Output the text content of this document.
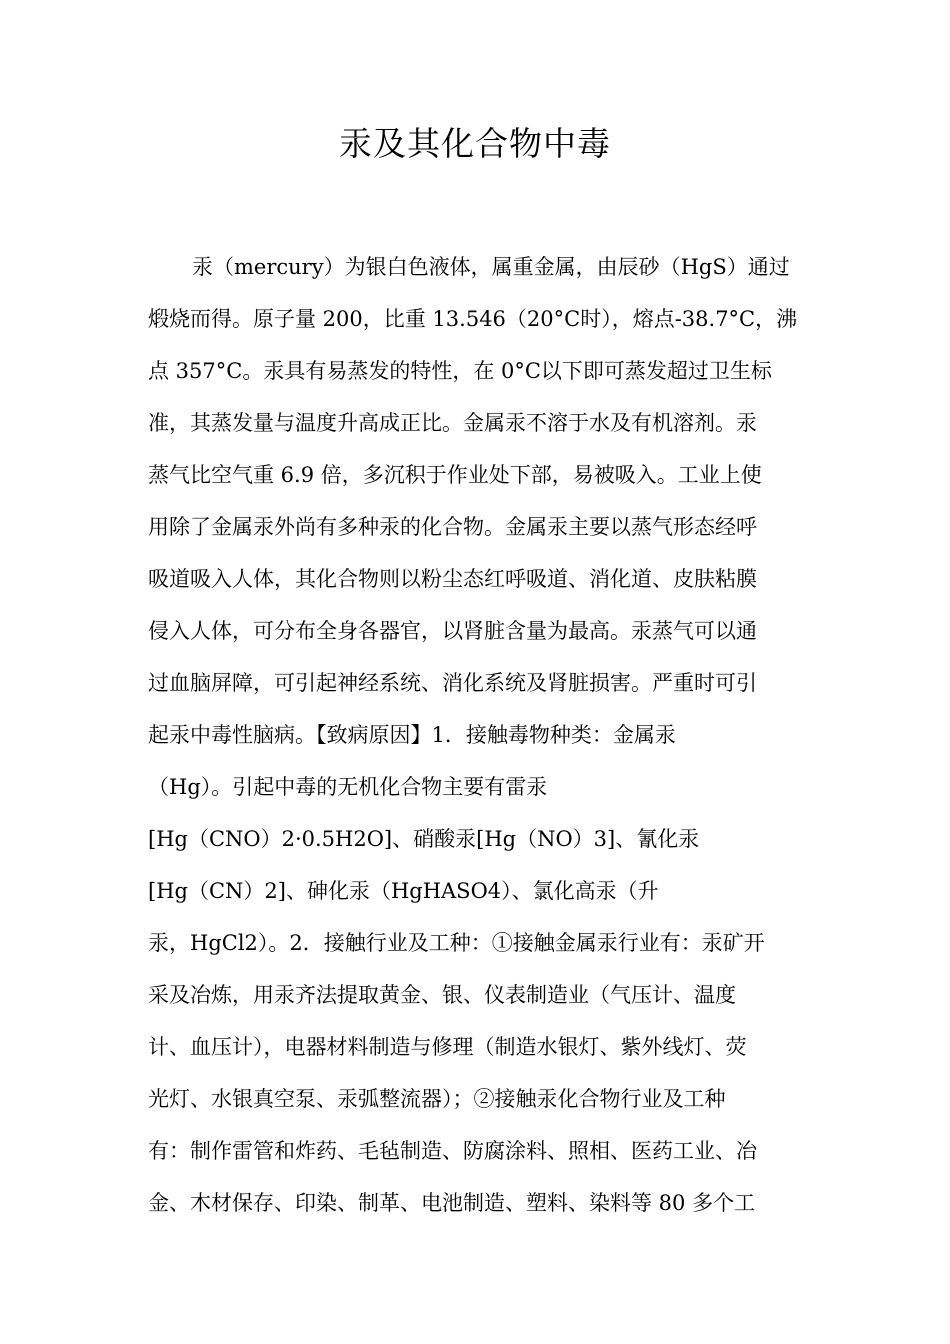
汞及其化合物中毒
汞（mercury）为银白色液体，属重金属，由辰砂（HgS）通过
煅烧而得。原子量 200，比重 13.546（20°C时），熔点-38.7°C，沸
点 357°C。汞具有易蒸发的特性，在 0°C以下即可蒸发超过卫生标
准，其蒸发量与温度升高成正比。金属汞不溶于水及有机溶剂。汞
蒸气比空气重 6.9 倍，多沉积于作业处下部，易被吸入。工业上使
用除了金属汞外尚有多种汞的化合物。金属汞主要以蒸气形态经呼
吸道吸入人体，其化合物则以粉尘态红呼吸道、消化道、皮肤粘膜
侵入人体，可分布全身各器官，以肾脏含量为最高。汞蒸气可以通
过血脑屏障，可引起神经系统、消化系统及肾脏损害。严重时可引
起汞中毒性脑病。【致病原因】1．接触毒物种类：金属汞
（Hg）。引起中毒的无机化合物主要有雷汞
[Hg（CNO）2·0.5H2O]、硝酸汞[Hg（NO）3]、氰化汞
[Hg（CN）2]、砷化汞（HgHASO4）、氯化高汞（升
汞，HgCl2）。2．接触行业及工种：①接触金属汞行业有：汞矿开
采及冶炼，用汞齐法提取黄金、银、仪表制造业（气压计、温度
计、血压计），电器材料制造与修理（制造水银灯、紫外线灯、荧
光灯、水银真空泵、汞弧整流器）；②接触汞化合物行业及工种
有：制作雷管和炸药、毛毡制造、防腐涂料、照相、医药工业、冶
金、木材保存、印染、制革、电池制造、塑料、染料等 80 多个工
